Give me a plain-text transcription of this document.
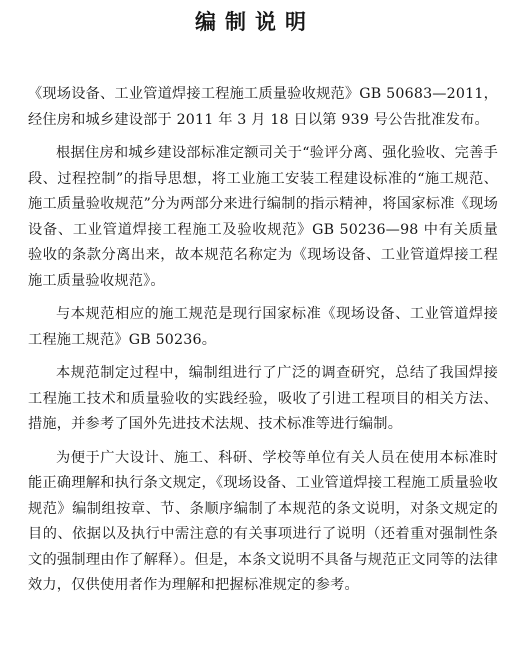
编制说明

《现场设备、工业管道焊接工程施工质量验收规范》GB 50683—2011，经住房和城乡建设部于 2011 年 3 月 18 日以第 939 号公告批准发布。

根据住房和城乡建设部标准定额司关于“验评分离、强化验收、完善手段、过程控制”的指导思想，将工业施工安装工程建设标准的“施工规范、施工质量验收规范”分为两部分来进行编制的指示精神，将国家标准《现场设备、工业管道焊接工程施工及验收规范》GB 50236—98 中有关质量验收的条款分离出来，故本规范名称定为《现场设备、工业管道焊接工程施工质量验收规范》。

与本规范相应的施工规范是现行国家标准《现场设备、工业管道焊接工程施工规范》GB 50236。

本规范制定过程中，编制组进行了广泛的调查研究，总结了我国焊接工程施工技术和质量验收的实践经验，吸收了引进工程项目的相关方法、措施，并参考了国外先进技术法规、技术标准等进行编制。

为便于广大设计、施工、科研、学校等单位有关人员在使用本标准时能正确理解和执行条文规定，《现场设备、工业管道焊接工程施工质量验收规范》编制组按章、节、条顺序编制了本规范的条文说明，对条文规定的目的、依据以及执行中需注意的有关事项进行了说明（还着重对强制性条文的强制理由作了解释）。但是，本条文说明不具备与规范正文同等的法律效力，仅供使用者作为理解和把握标准规定的参考。
